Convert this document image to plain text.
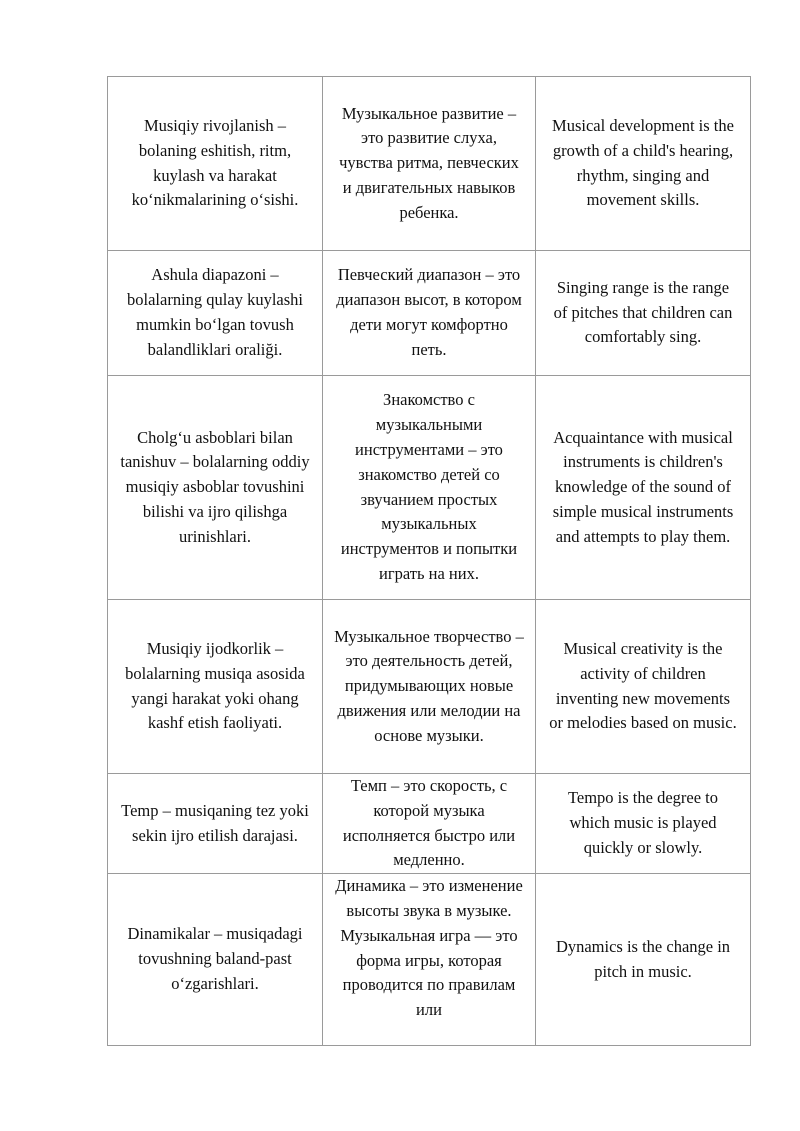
Musiqiy rivojlanish – bolaning eshitish, ritm, kuylash va harakat ko‘nikmalarining o‘sishi.	Музыкальное развитие – это развитие слуха, чувства ритма, певческих и двигательных навыков ребенка.	Musical development is the growth of a child's hearing, rhythm, singing and movement skills.
Ashula diapazoni – bolalarning qulay kuylashi mumkin bo‘lgan tovush balandliklari oraliği.	Певческий диапазон – это диапазон высот, в котором дети могут комфортно петь.	Singing range is the range of pitches that children can comfortably sing.
Cholg‘u asboblari bilan tanishuv – bolalarning oddiy musiqiy asboblar tovushini bilishi va ijro qilishga urinishlari.	Знакомство с музыкальными инструментами – это знакомство детей со звучанием простых музыкальных инструментов и попытки играть на них.	Acquaintance with musical instruments is children's knowledge of the sound of simple musical instruments and attempts to play them.
Musiqiy ijodkorlik – bolalarning musiqa asosida yangi harakat yoki ohang kashf etish faoliyati.	Музыкальное творчество – это деятельность детей, придумывающих новые движения или мелодии на основе музыки.	Musical creativity is the activity of children inventing new movements or melodies based on music.
Temp – musiqaning tez yoki sekin ijro etilish darajasi.	Темп – это скорость, с которой музыка исполняется быстро или медленно.	Tempo is the degree to which music is played quickly or slowly.
Dinamikalar – musiqadagi tovushning baland-past o‘zgarishlari.	Динамика – это изменение высоты звука в музыке. Музыкальная игра — это форма игры, которая проводится по правилам или	Dynamics is the change in pitch in music.
